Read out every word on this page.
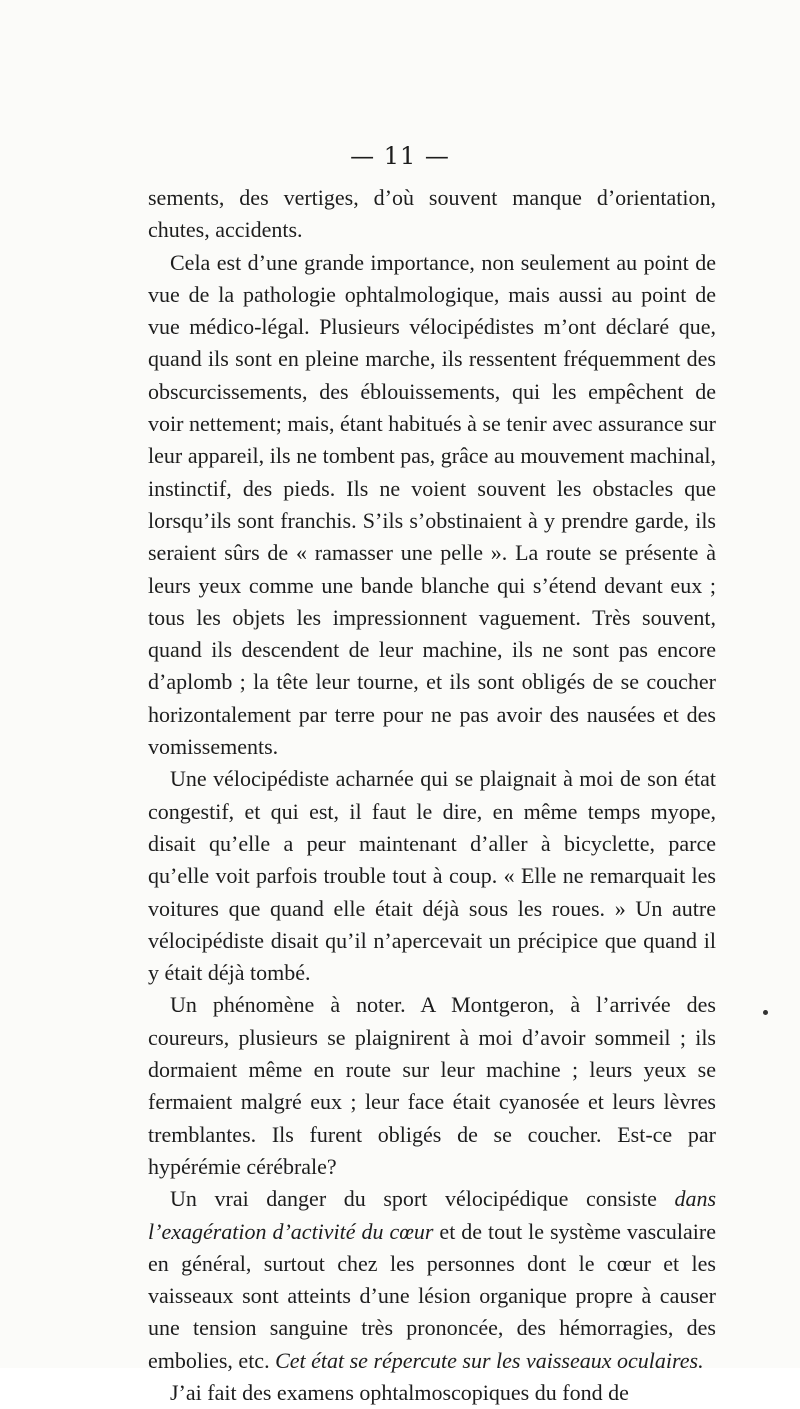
— 11 —

sements, des vertiges, d’où souvent manque d’orientation, chutes, accidents.

Cela est d’une grande importance, non seulement au point de vue de la pathologie ophtalmologique, mais aussi au point de vue médico-légal. Plusieurs vélocipédistes m’ont déclaré que, quand ils sont en pleine marche, ils ressentent fréquemment des obscurcissements, des éblouissements, qui les empêchent de voir nettement; mais, étant habitués à se tenir avec assurance sur leur appareil, ils ne tombent pas, grâce au mouvement machinal, instinctif, des pieds. Ils ne voient souvent les obstacles que lorsqu’ils sont franchis. S’ils s’obstinaient à y prendre garde, ils seraient sûrs de « ramasser une pelle ». La route se présente à leurs yeux comme une bande blanche qui s’étend devant eux ; tous les objets les impressionnent vaguement. Très souvent, quand ils descendent de leur machine, ils ne sont pas encore d’aplomb ; la tête leur tourne, et ils sont obligés de se coucher horizontalement par terre pour ne pas avoir des nausées et des vomissements.

Une vélocipédiste acharnée qui se plaignait à moi de son état congestif, et qui est, il faut le dire, en même temps myope, disait qu’elle a peur maintenant d’aller à bicyclette, parce qu’elle voit parfois trouble tout à coup. « Elle ne remarquait les voitures que quand elle était déjà sous les roues. » Un autre vélocipédiste disait qu’il n’apercevait un précipice que quand il y était déjà tombé.

Un phénomène à noter. A Montgeron, à l’arrivée des coureurs, plusieurs se plaignirent à moi d’avoir sommeil ; ils dormaient même en route sur leur machine ; leurs yeux se fermaient malgré eux ; leur face était cyanosée et leurs lèvres tremblantes. Ils furent obligés de se coucher. Est-ce par hypérémie cérébrale?

Un vrai danger du sport vélocipédique consiste dans l’exagération d’activité du cœur et de tout le système vasculaire en général, surtout chez les personnes dont le cœur et les vaisseaux sont atteints d’une lésion organique propre à causer une tension sanguine très prononcée, des hémorragies, des embolies, etc. Cet état se répercute sur les vaisseaux oculaires.

J’ai fait des examens ophtalmoscopiques du fond de
